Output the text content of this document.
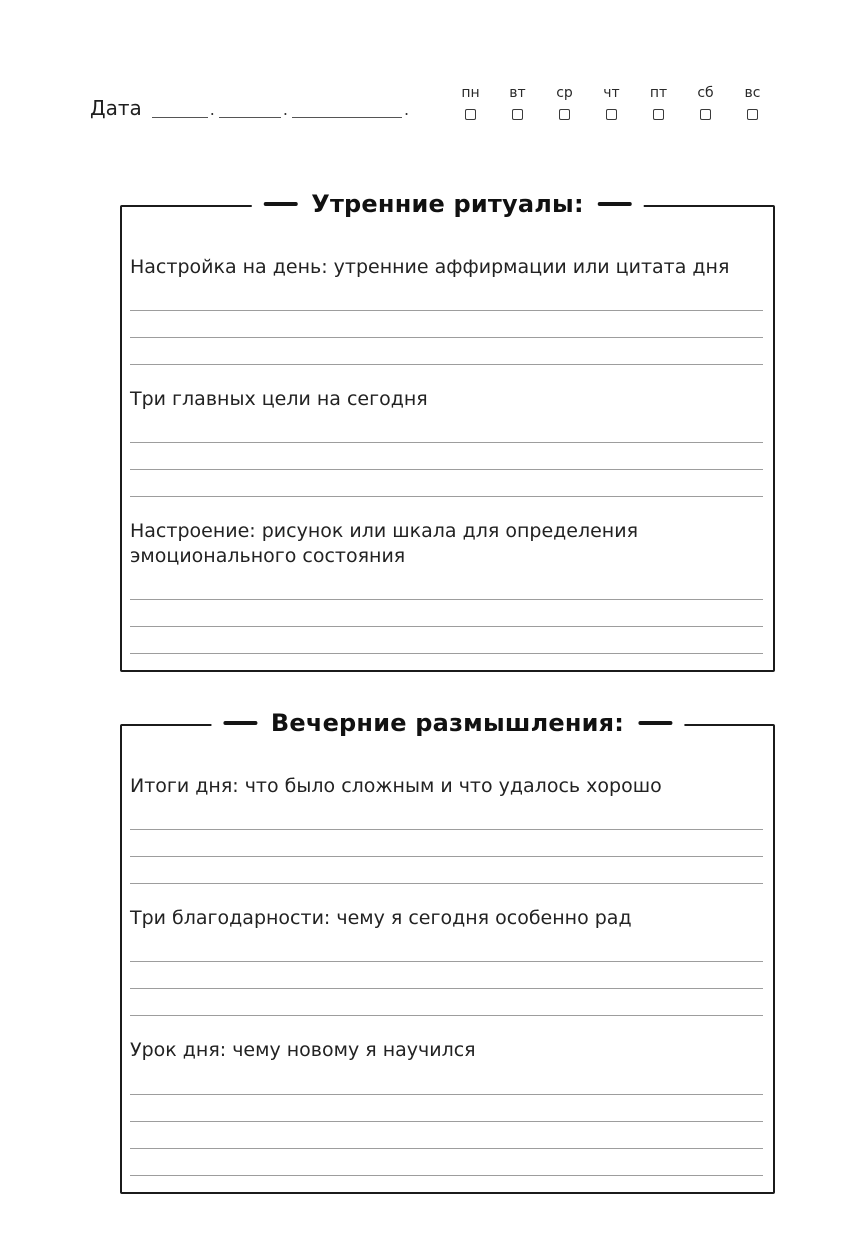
Дата	.	.	.
пн вт ср чт пт сб вс
Утренние ритуалы:

Настройка на день: утренние аффирмации или цитата дня

Три главных цели на сегодня

Настроение: рисунок или шкала для определения эмоционального состояния

Вечерние размышления:

Итоги дня: что было сложным и что удалось хорошо

Три благодарности: чему я сегодня особенно рад

Урок дня: чему новому я научился
